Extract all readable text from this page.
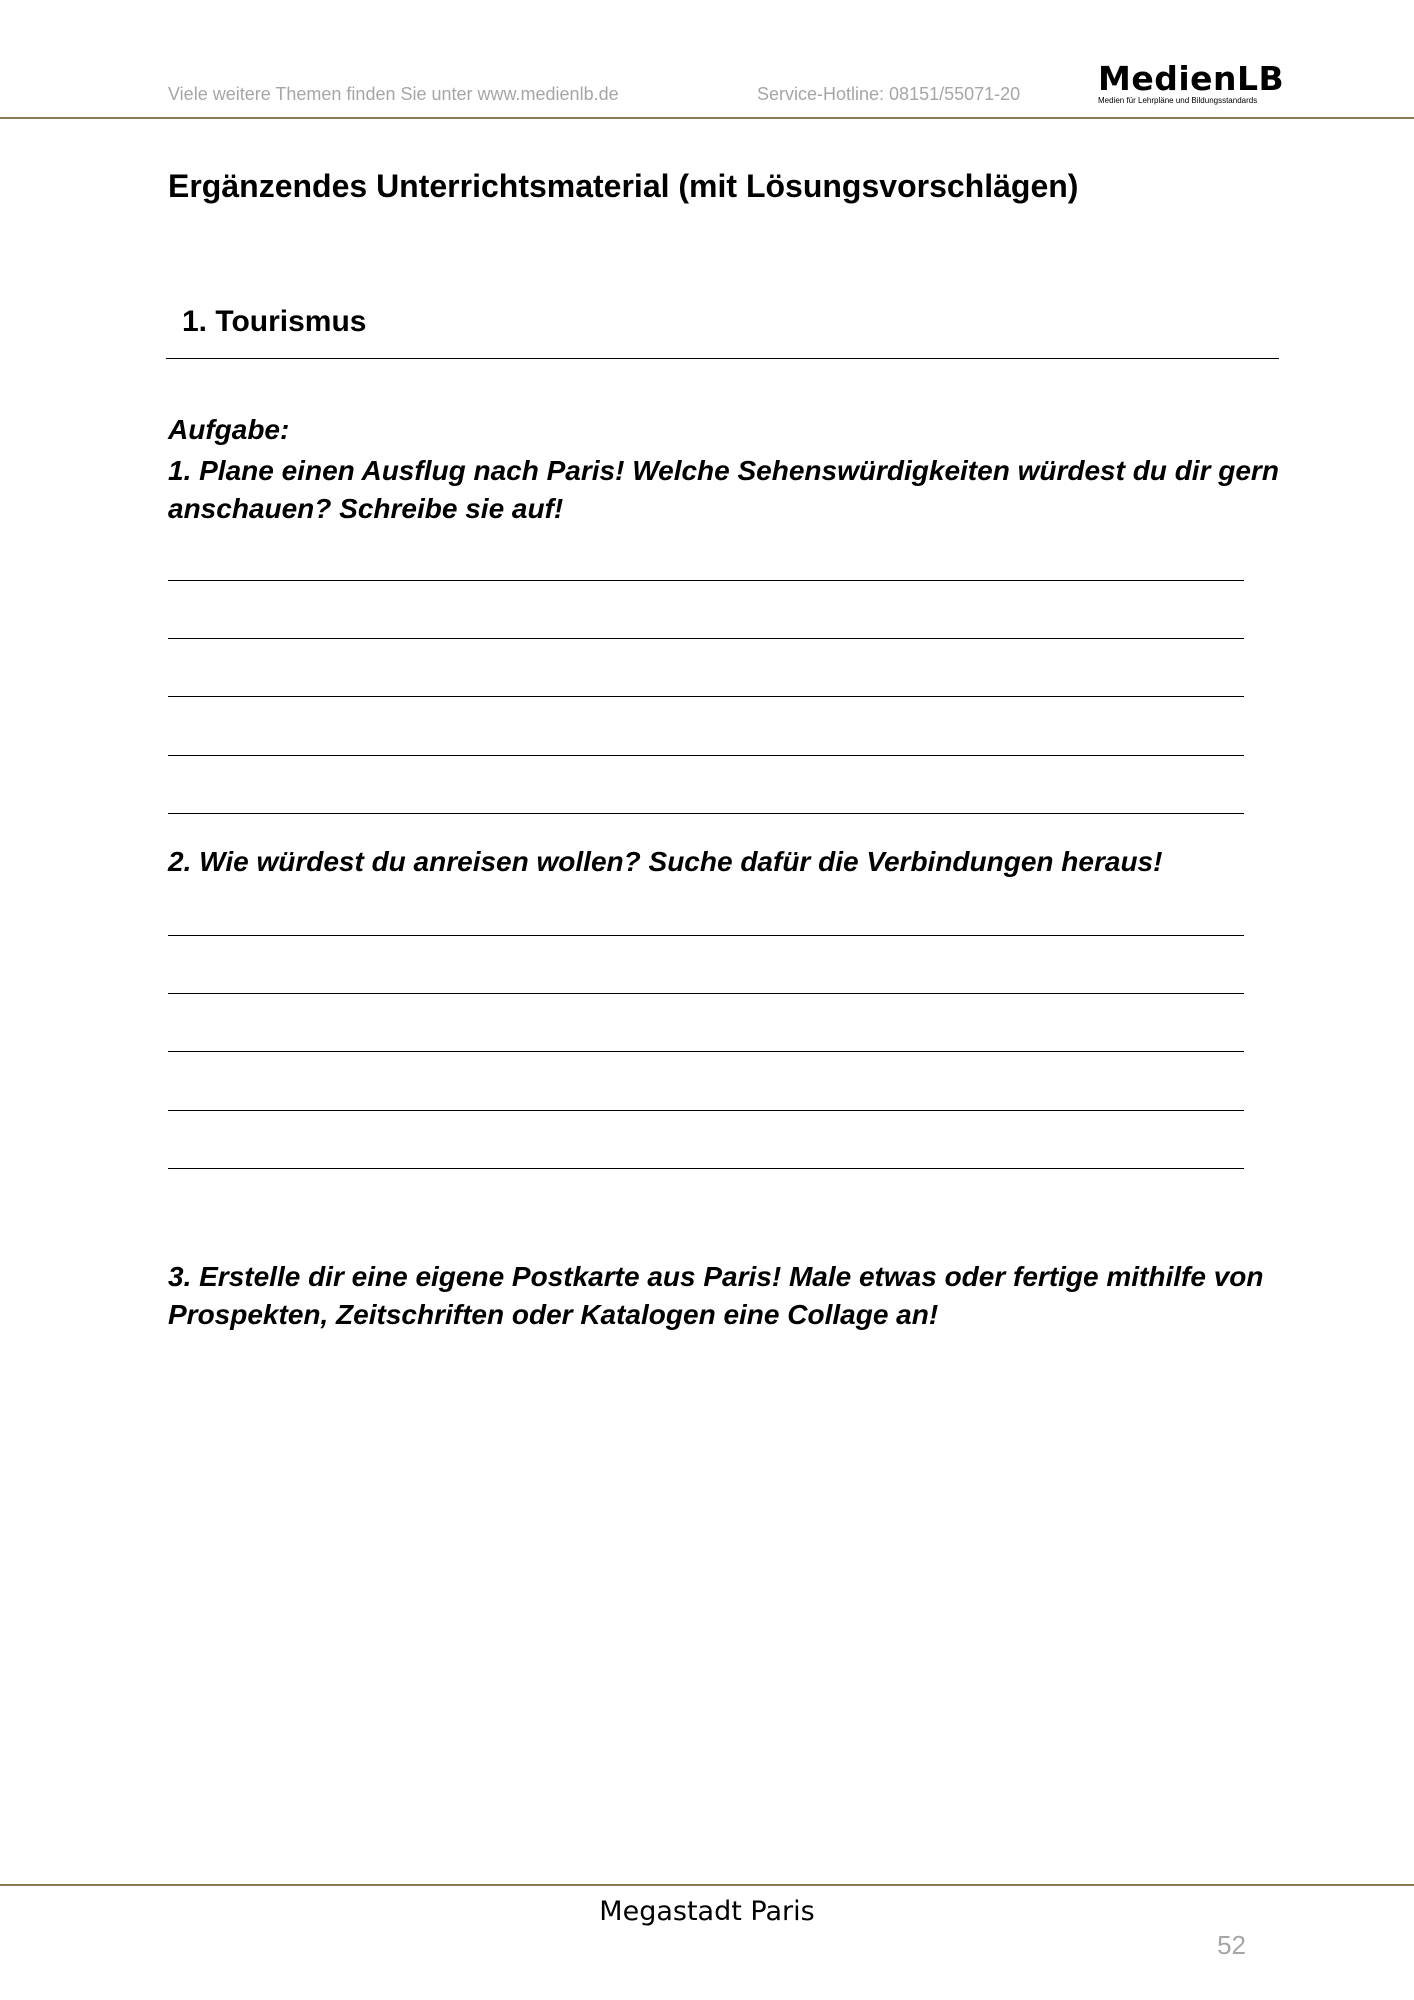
Viele weitere Themen finden Sie unter www.medienlb.de	Service-Hotline: 08151/55071-20 MedienLB
Medien für Lehrpläne und Bildungsstandards
Ergänzendes Unterrichtsmaterial (mit Lösungsvorschlägen)
1. Tourismus
Aufgabe:
1. Plane einen Ausflug nach Paris! Welche Sehenswürdigkeiten würdest du dir gern anschauen? Schreibe sie auf!
2. Wie würdest du anreisen wollen? Suche dafür die Verbindungen heraus!
3. Erstelle dir eine eigene Postkarte aus Paris! Male etwas oder fertige mithilfe von Prospekten, Zeitschriften oder Katalogen eine Collage an!
Megastadt Paris
52
